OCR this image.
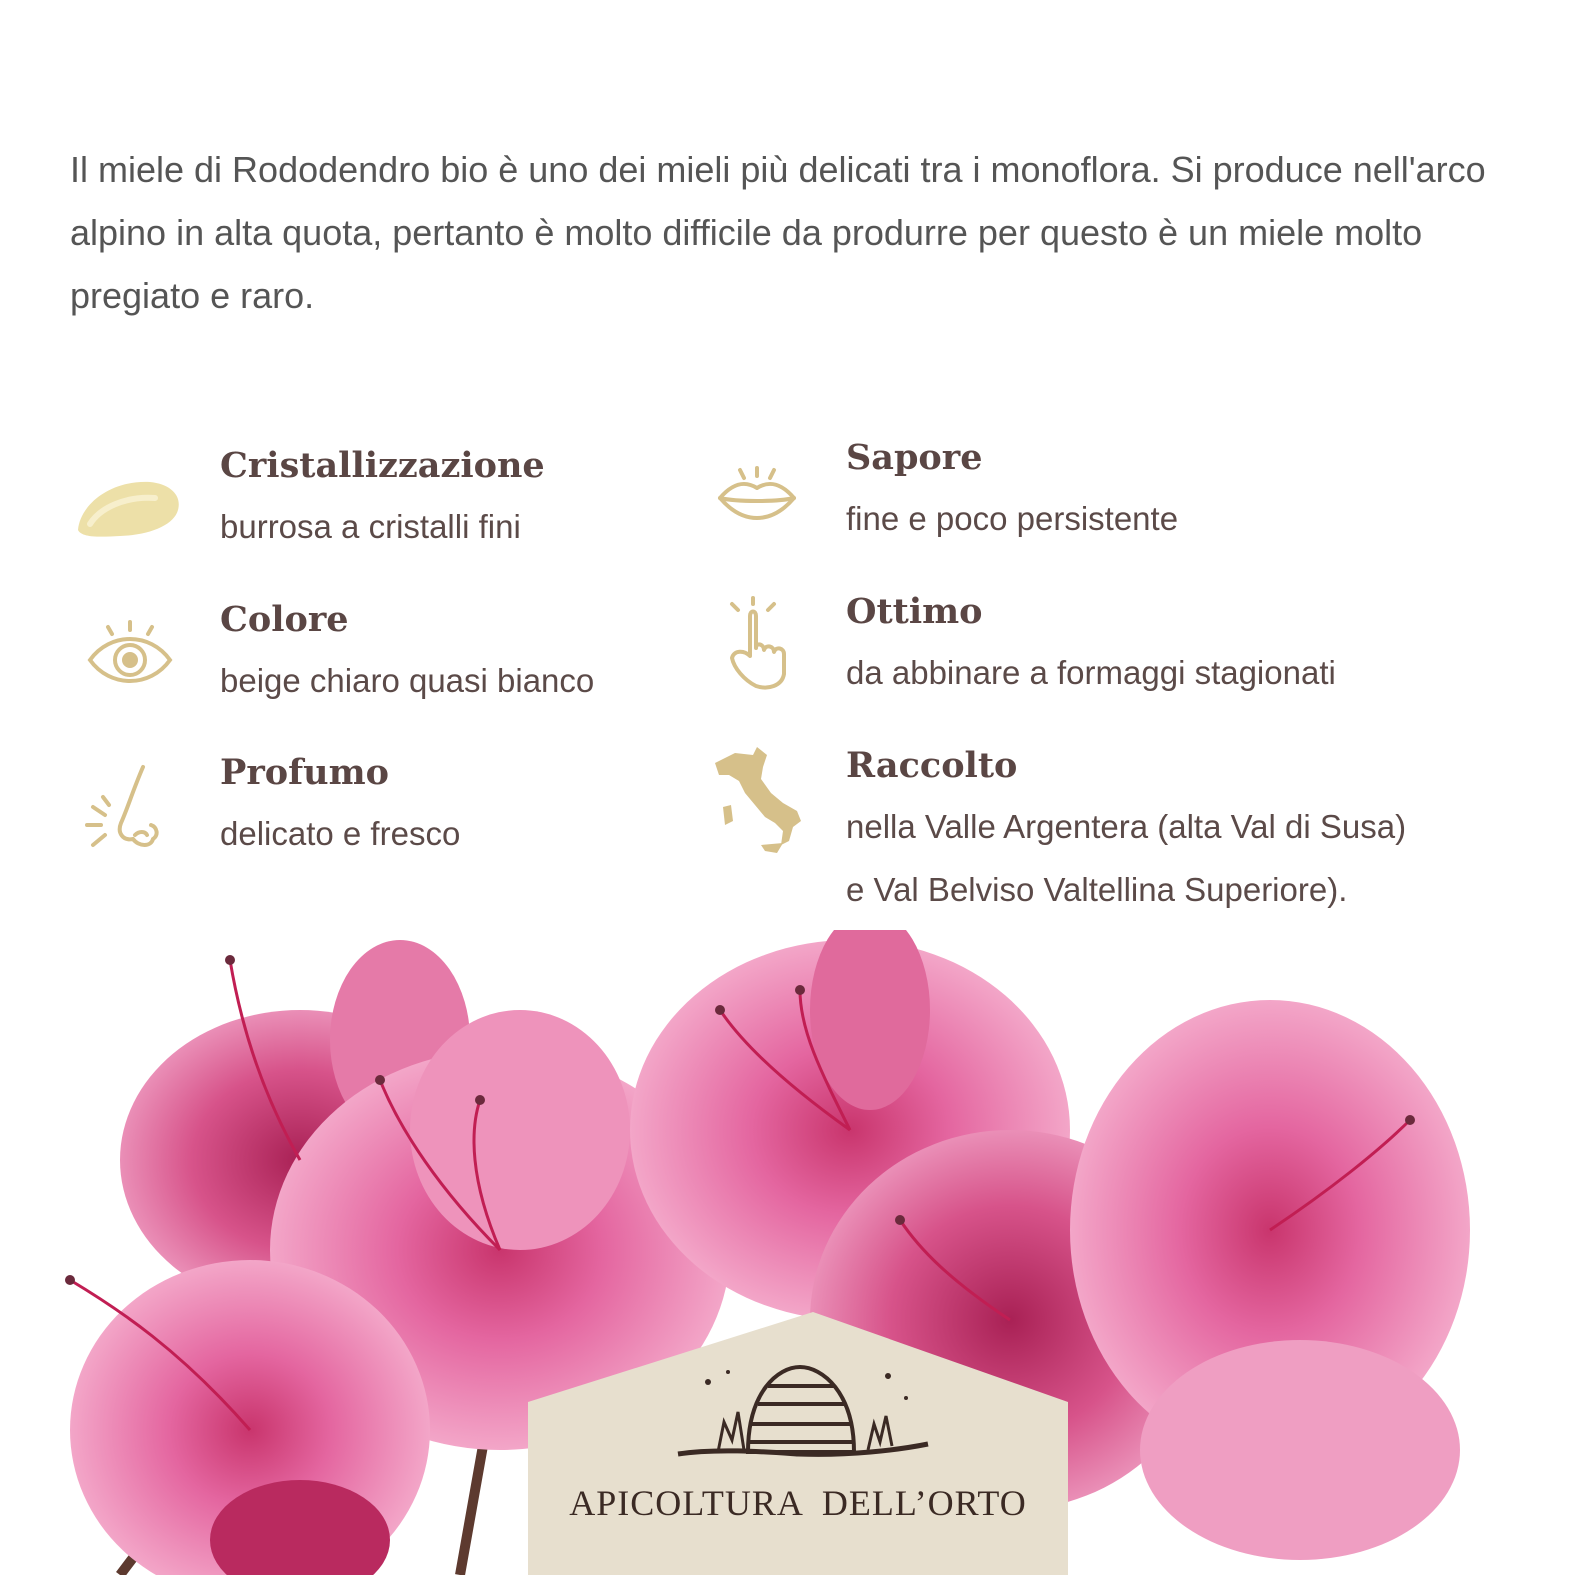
Il miele di Rododendro bio è uno dei mieli più delicati tra i monoflora. Si produce nell'arco alpino in alta quota, pertanto è molto difficile da produrre per questo è un miele molto pregiato e raro.

Cristallizzazione
burrosa a cristalli fini
Colore
beige chiaro quasi bianco
Profumo
delicato e fresco
Sapore
fine e poco persistente
Ottimo
da abbinare a formaggi stagionati
Raccolto
nella Valle Argentera (alta Val di Susa)
e Val Belviso Valtellina Superiore).
APICOLTURA  DELL’ORTO
